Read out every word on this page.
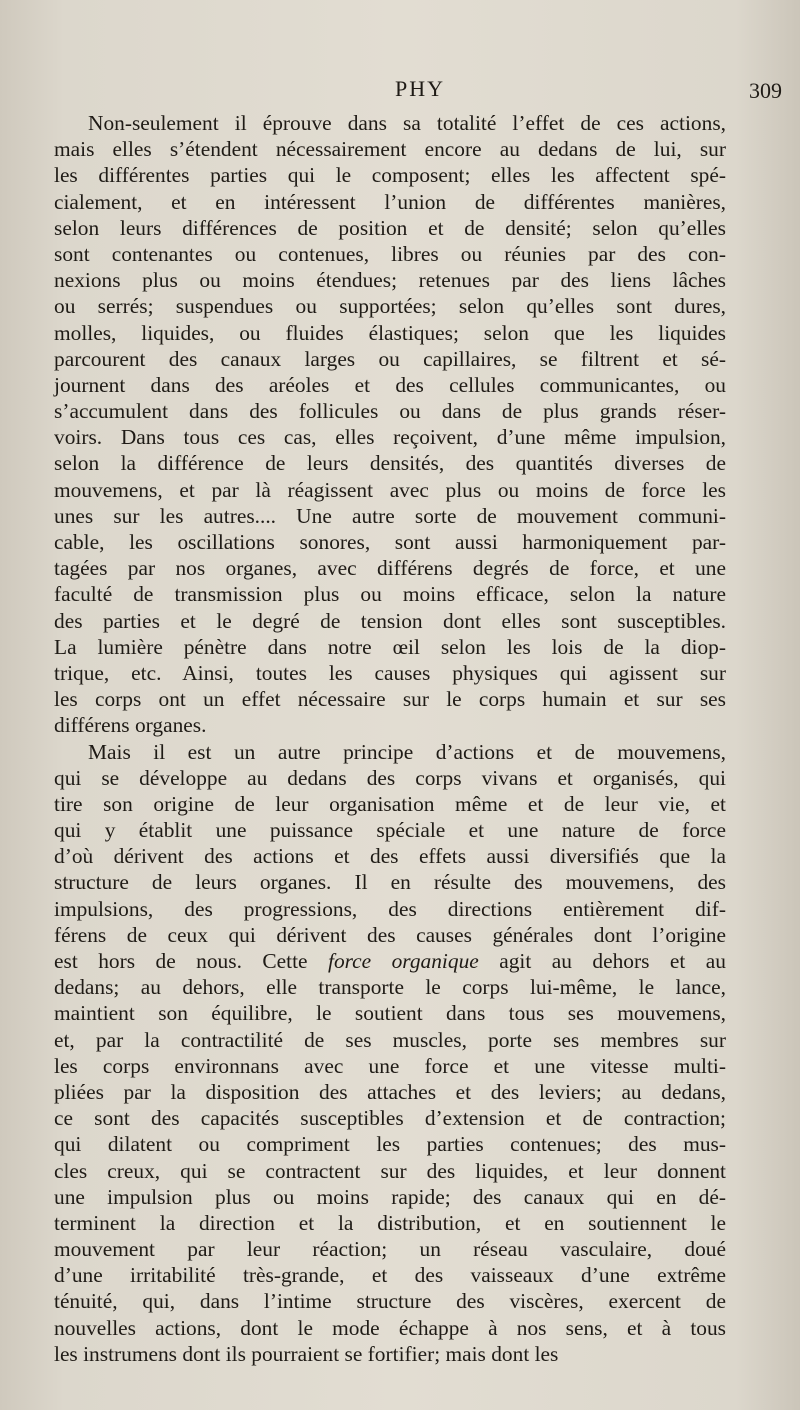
PHY	309
Non-seulement il éprouve dans sa totalité l’effet de ces actions,
mais elles s’étendent nécessairement encore au dedans de lui, sur
les différentes parties qui le composent; elles les affectent spé-
cialement, et en intéressent l’union de différentes manières,
selon leurs différences de position et de densité; selon qu’elles
sont contenantes ou contenues, libres ou réunies par des con-
nexions plus ou moins étendues; retenues par des liens lâches
ou serrés; suspendues ou supportées; selon qu’elles sont dures,
molles, liquides, ou fluides élastiques; selon que les liquides
parcourent des canaux larges ou capillaires, se filtrent et sé-
journent dans des aréoles et des cellules communicantes, ou
s’accumulent dans des follicules ou dans de plus grands réser-
voirs. Dans tous ces cas, elles reçoivent, d’une même impulsion,
selon la différence de leurs densités, des quantités diverses de
mouvemens, et par là réagissent avec plus ou moins de force les
unes sur les autres.... Une autre sorte de mouvement communi-
cable, les oscillations sonores, sont aussi harmoniquement par-
tagées par nos organes, avec différens degrés de force, et une
faculté de transmission plus ou moins efficace, selon la nature
des parties et le degré de tension dont elles sont susceptibles.
La lumière pénètre dans notre œil selon les lois de la diop-
trique, etc. Ainsi, toutes les causes physiques qui agissent sur
les corps ont un effet nécessaire sur le corps humain et sur ses
différens organes.
Mais il est un autre principe d’actions et de mouvemens,
qui se développe au dedans des corps vivans et organisés, qui
tire son origine de leur organisation même et de leur vie, et
qui y établit une puissance spéciale et une nature de force
d’où dérivent des actions et des effets aussi diversifiés que la
structure de leurs organes. Il en résulte des mouvemens, des
impulsions, des progressions, des directions entièrement dif-
férens de ceux qui dérivent des causes générales dont l’origine
est hors de nous. Cette force organique agit au dehors et au
dedans; au dehors, elle transporte le corps lui-même, le lance,
maintient son équilibre, le soutient dans tous ses mouvemens,
et, par la contractilité de ses muscles, porte ses membres sur
les corps environnans avec une force et une vitesse multi-
pliées par la disposition des attaches et des leviers; au dedans,
ce sont des capacités susceptibles d’extension et de contraction;
qui dilatent ou compriment les parties contenues; des mus-
cles creux, qui se contractent sur des liquides, et leur donnent
une impulsion plus ou moins rapide; des canaux qui en dé-
terminent la direction et la distribution, et en soutiennent le
mouvement par leur réaction; un réseau vasculaire, doué
d’une irritabilité très-grande, et des vaisseaux d’une extrême
ténuité, qui, dans l’intime structure des viscères, exercent de
nouvelles actions, dont le mode échappe à nos sens, et à tous
les instrumens dont ils pourraient se fortifier; mais dont les
